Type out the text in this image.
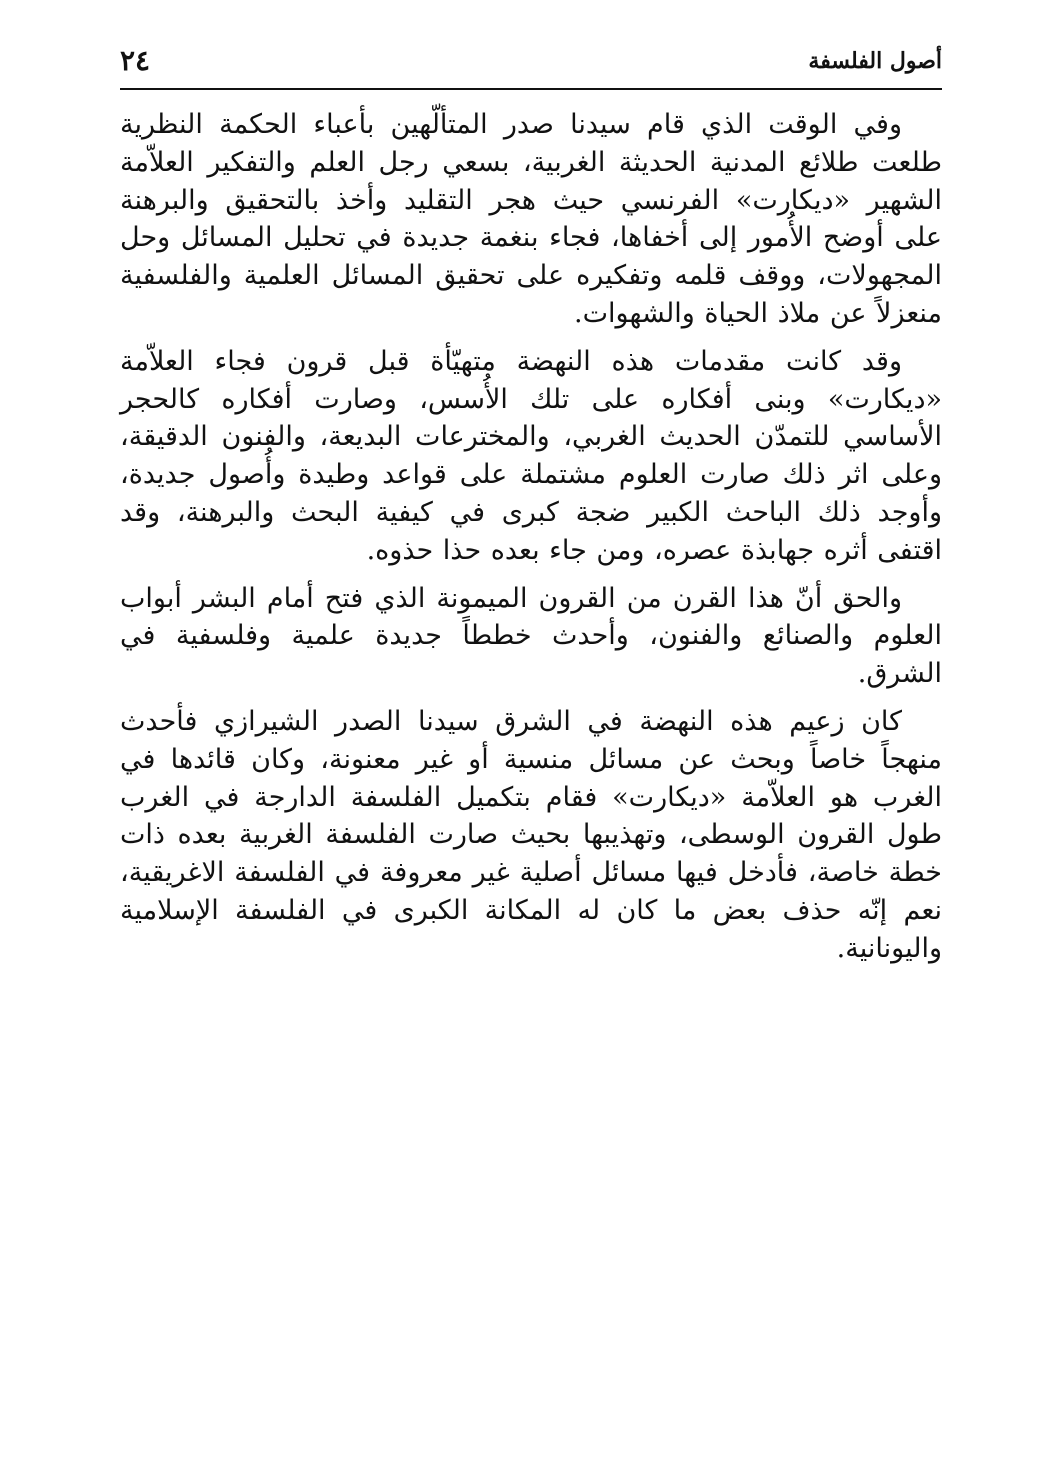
أصول الفلسفة
٢٤

وفي الوقت الذي قام سيدنا صدر المتألّهين بأعباء الحكمة النظرية طلعت طلائع المدنية الحديثة الغربية، بسعي رجل العلم والتفكير العلاّمة الشهير «ديكارت» الفرنسي حيث هجر التقليد وأخذ بالتحقيق والبرهنة على أوضح الأُمور إلى أخفاها، فجاء بنغمة جديدة في تحليل المسائل وحل المجهولات، ووقف قلمه وتفكيره على تحقيق المسائل العلمية والفلسفية منعزلاً عن ملاذ الحياة والشهوات.

وقد كانت مقدمات هذه النهضة متهيّأة قبل قرون فجاء العلاّمة «ديكارت» وبنى أفكاره على تلك الأُسس، وصارت أفكاره كالحجر الأساسي للتمدّن الحديث الغربي، والمخترعات البديعة، والفنون الدقيقة، وعلى اثر ذلك صارت العلوم مشتملة على قواعد وطيدة وأُصول جديدة، وأوجد ذلك الباحث الكبير ضجة كبرى في كيفية البحث والبرهنة، وقد اقتفى أثره جهابذة عصره، ومن جاء بعده حذا حذوه.

والحق أنّ هذا القرن من القرون الميمونة الذي فتح أمام البشر أبواب العلوم والصنائع والفنون، وأحدث خططاً جديدة علمية وفلسفية في الشرق.

كان زعيم هذه النهضة في الشرق سيدنا الصدر الشيرازي فأحدث منهجاً خاصاً وبحث عن مسائل منسية أو غير معنونة، وكان قائدها في الغرب هو العلاّمة «ديكارت» فقام بتكميل الفلسفة الدارجة في الغرب طول القرون الوسطى، وتهذيبها بحيث صارت الفلسفة الغربية بعده ذات خطة خاصة، فأدخل فيها مسائل أصلية غير معروفة في الفلسفة الاغريقية، نعم إنّه حذف بعض ما كان له المكانة الكبرى في الفلسفة الإسلامية واليونانية.
